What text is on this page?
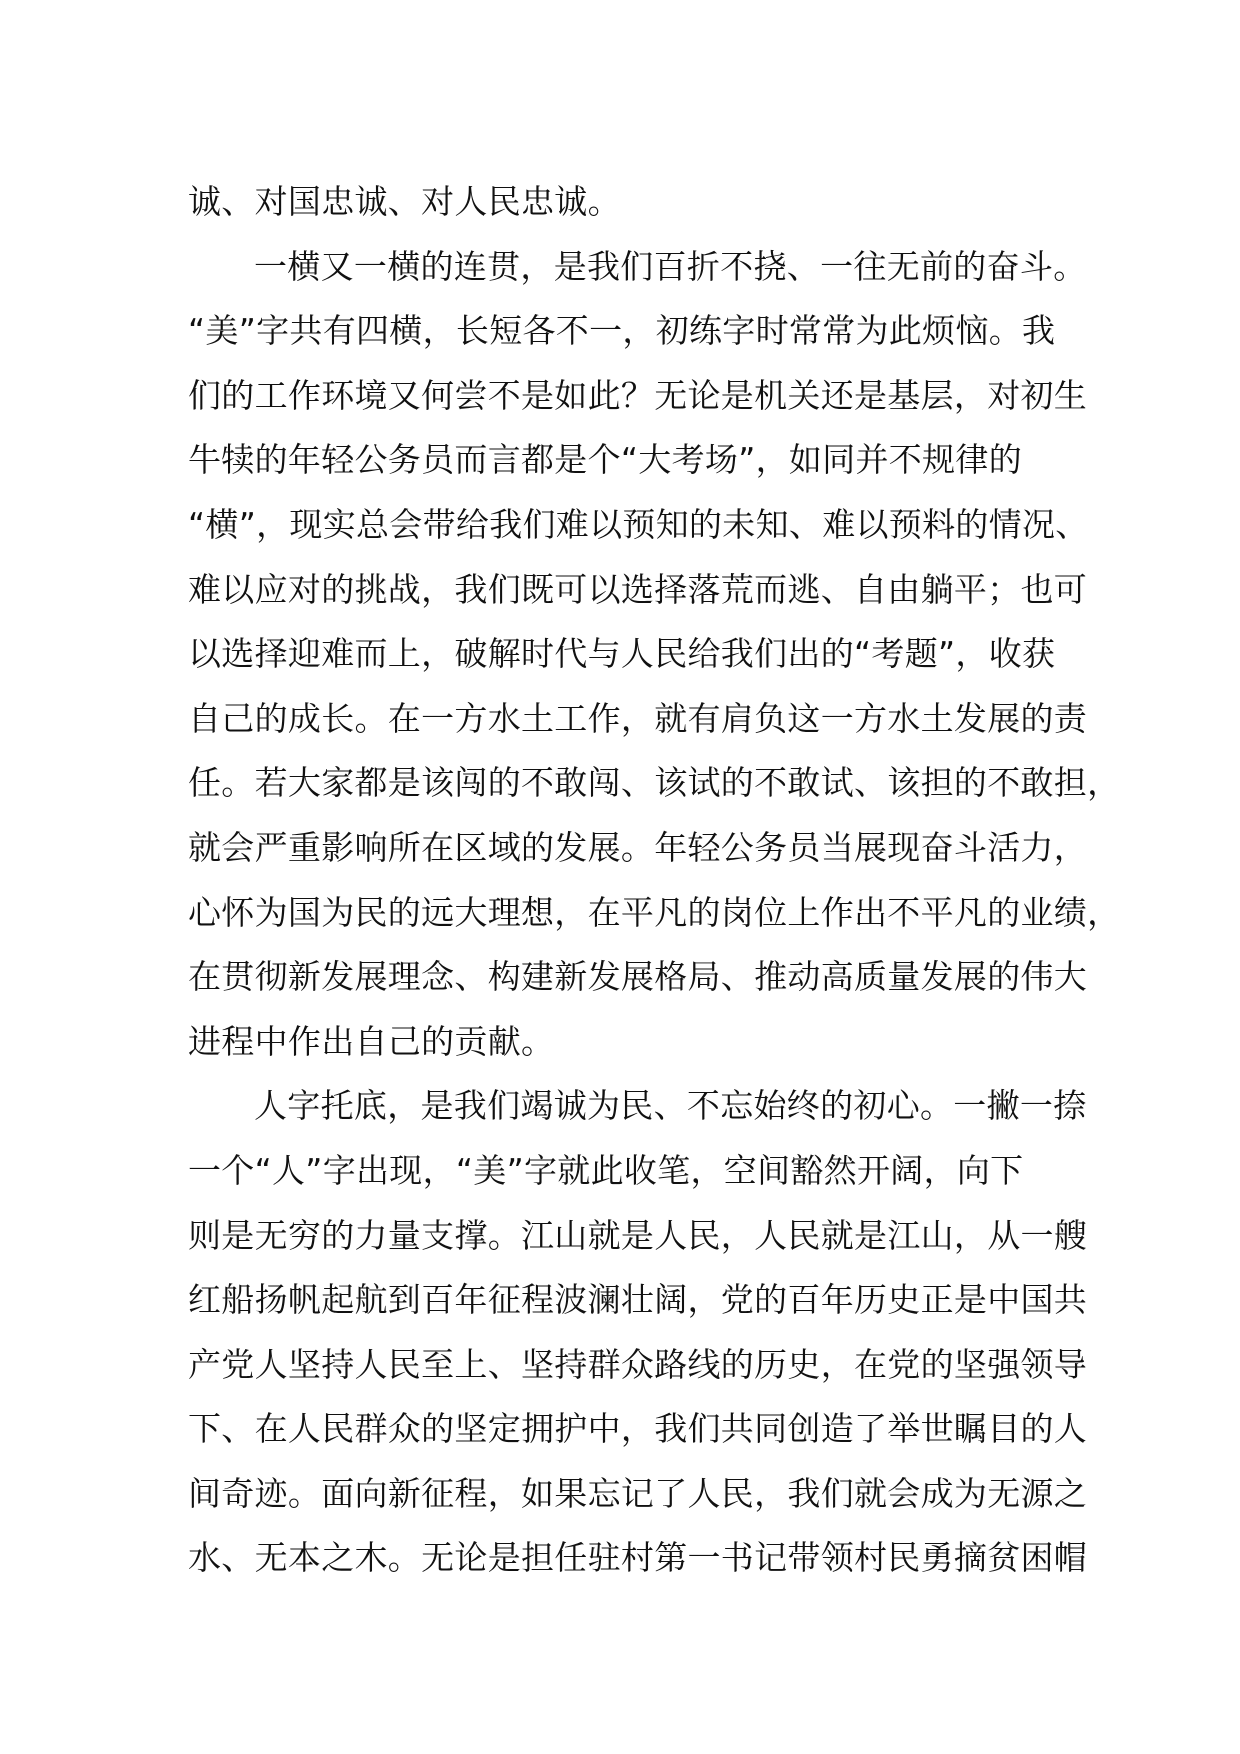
诚、对国忠诚、对人民忠诚。
一横又一横的连贯，是我们百折不挠、一往无前的奋斗。
“美”字共有四横，长短各不一，初练字时常常为此烦恼。我
们的工作环境又何尝不是如此？无论是机关还是基层，对初生
牛犊的年轻公务员而言都是个“大考场”，如同并不规律的
“横”，现实总会带给我们难以预知的未知、难以预料的情况、
难以应对的挑战，我们既可以选择落荒而逃、自由躺平；也可
以选择迎难而上，破解时代与人民给我们出的“考题”，收获
自己的成长。在一方水土工作，就有肩负这一方水土发展的责
任。若大家都是该闯的不敢闯、该试的不敢试、该担的不敢担，
就会严重影响所在区域的发展。年轻公务员当展现奋斗活力，
心怀为国为民的远大理想，在平凡的岗位上作出不平凡的业绩，
在贯彻新发展理念、构建新发展格局、推动高质量发展的伟大
进程中作出自己的贡献。
人字托底，是我们竭诚为民、不忘始终的初心。一撇一捺
一个“人”字出现，“美”字就此收笔，空间豁然开阔，向下
则是无穷的力量支撑。江山就是人民，人民就是江山，从一艘
红船扬帆起航到百年征程波澜壮阔，党的百年历史正是中国共
产党人坚持人民至上、坚持群众路线的历史，在党的坚强领导
下、在人民群众的坚定拥护中，我们共同创造了举世瞩目的人
间奇迹。面向新征程，如果忘记了人民，我们就会成为无源之
水、无本之木。无论是担任驻村第一书记带领村民勇摘贫困帽
